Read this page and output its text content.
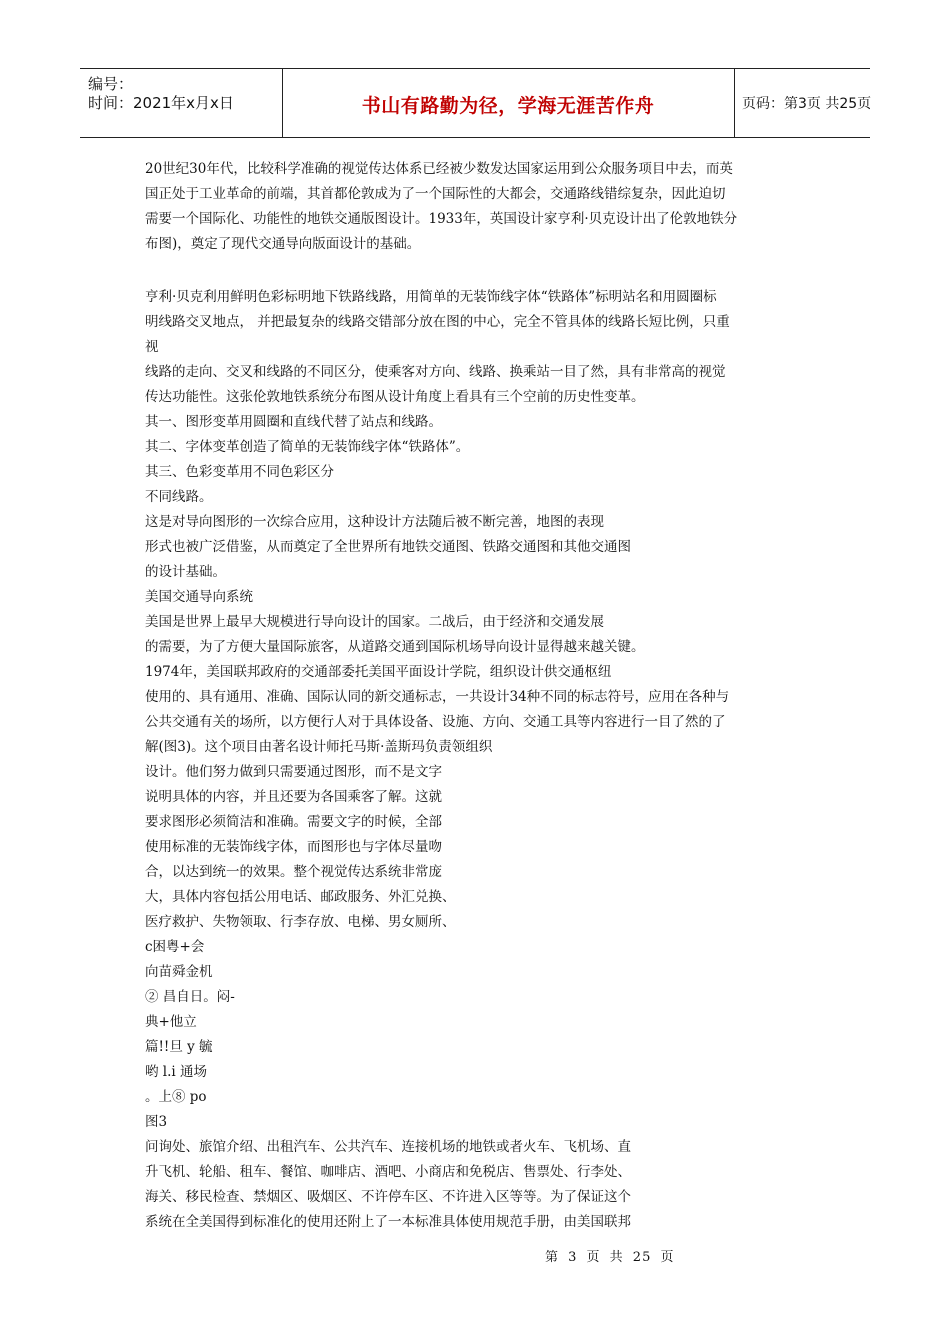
编号：
时间：2021年x月x日	书山有路勤为径，学海无涯苦作舟	页码：第3页 共25页
20世纪30年代，比较科学准确的视觉传达体系已经被少数发达国家运用到公众服务项目中去，而英
国正处于工业革命的前端，其首都伦敦成为了一个国际性的大都会，交通路线错综复杂，因此迫切
需要一个国际化、功能性的地铁交通版图设计。1933年，英国设计家亨利·贝克设计出了伦敦地铁分
布图)，奠定了现代交通导向版面设计的基础。
亨利·贝克利用鲜明色彩标明地下铁路线路，用简单的无装饰线字体“铁路体”标明站名和用圆圈标
明线路交叉地点， 并把最复杂的线路交错部分放在图的中心，完全不管具体的线路长短比例，只重
视
线路的走向、交叉和线路的不同区分，使乘客对方向、线路、换乘站一目了然，具有非常高的视觉
传达功能性。这张伦敦地铁系统分布图从设计角度上看具有三个空前的历史性变革。
其一、图形变革用圆圈和直线代替了站点和线路。
其二、字体变革创造了简单的无装饰线字体“铁路体”。
其三、色彩变革用不同色彩区分
不同线路。
这是对导向图形的一次综合应用，这种设计方法随后被不断完善，地图的表现
形式也被广泛借鉴，从而奠定了全世界所有地铁交通图、铁路交通图和其他交通图
的设计基础。
美国交通导向系统
美国是世界上最早大规模进行导向设计的国家。二战后，由于经济和交通发展
的需要，为了方便大量国际旅客，从道路交通到国际机场导向设计显得越来越关键。
1974年，美国联邦政府的交通部委托美国平面设计学院，组织设计供交通枢纽
使用的、具有通用、准确、国际认同的新交通标志，一共设计34种不同的标志符号，应用在各种与
公共交通有关的场所，以方便行人对于具体设备、设施、方向、交通工具等内容进行一目了然的了
解(图3)。这个项目由著名设计师托马斯·盖斯玛负责领组织
设计。他们努力做到只需要通过图形，而不是文字
说明具体的内容，并且还要为各国乘客了解。这就
要求图形必须简洁和准确。需要文字的时候，全部
使用标准的无装饰线字体，而图形也与字体尽量吻
合，以达到统一的效果。整个视觉传达系统非常庞
大，具体内容包括公用电话、邮政服务、外汇兑换、
医疗救护、失物领取、行李存放、电梯、男女厕所、
c困粤+会
向苗舜金机
② 昌自日。闷-
典+他立
篇!!旦 y 毓
哟 l.i 通场
。上⑧ po
图3
问询处、旅馆介绍、出租汽车、公共汽车、连接机场的地铁或者火车、飞机场、直
升飞机、轮船、租车、餐馆、咖啡店、酒吧、小商店和免税店、售票处、行李处、
海关、移民检查、禁烟区、吸烟区、不许停车区、不许进入区等等。为了保证这个
系统在全美国得到标准化的使用还附上了一本标准具体使用规范手册，由美国联邦
第 3 页 共 25 页
